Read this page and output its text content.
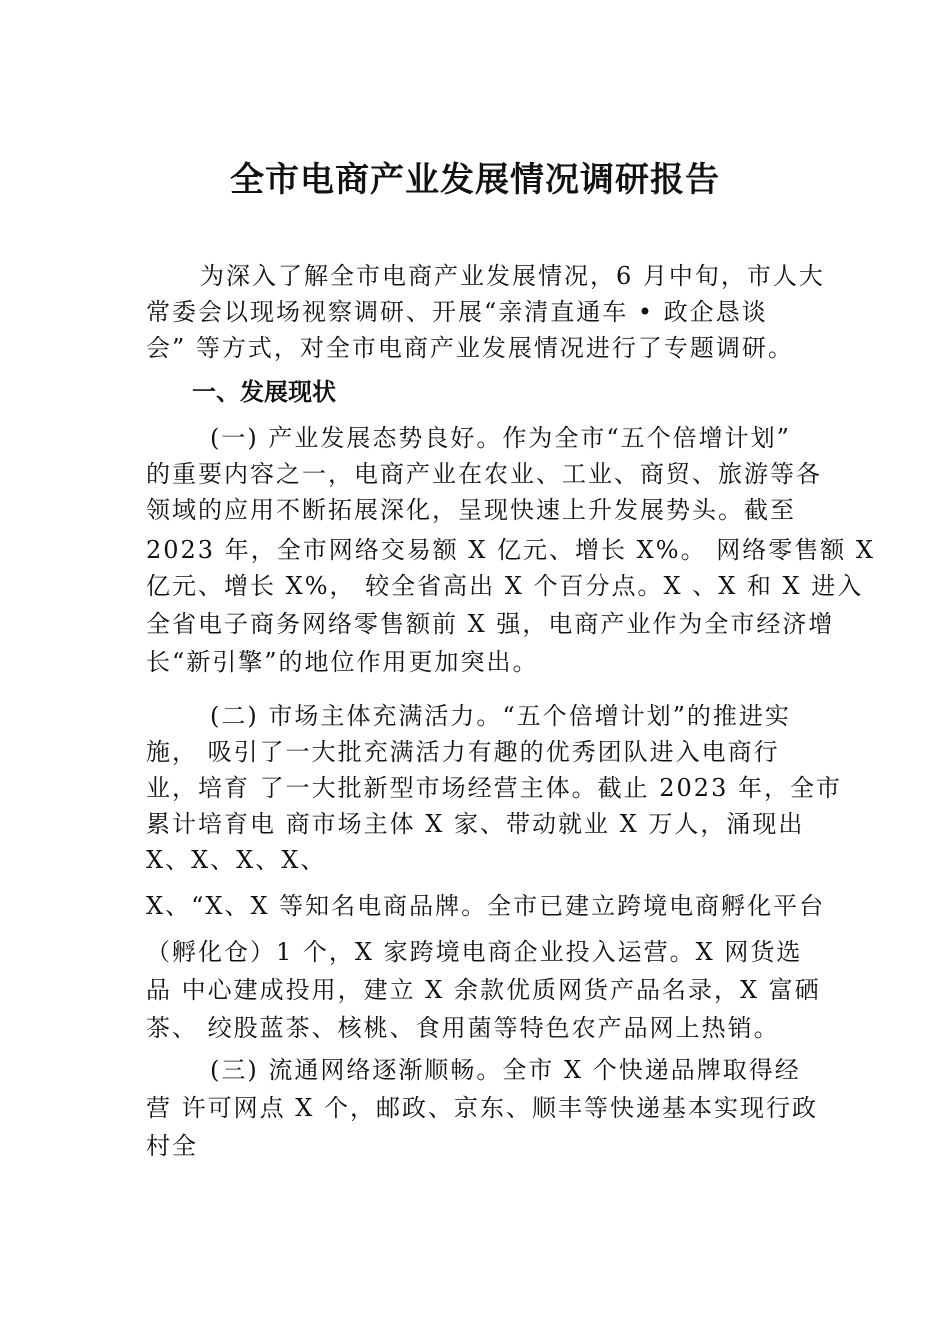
全市电商产业发展情况调研报告
为深入了解全市电商产业发展情况，6 月中旬，市人大
常委会以现场视察调研、开展“亲清直通车 • 政企恳谈
会” 等方式，对全市电商产业发展情况进行了专题调研。
一、发展现状
(一) 产业发展态势良好。作为全市“五个倍增计划”
的重要内容之一，电商产业在农业、工业、商贸、旅游等各
领域的应用不断拓展深化，呈现快速上升发展势头。截至
2023 年，全市网络交易额 X 亿元、增长 X%。 网络零售额 X
亿元、增长 X%， 较全省高出 X 个百分点。X 、X 和 X 进入
全省电子商务网络零售额前 X 强，电商产业作为全市经济增
长“新引擎”的地位作用更加突出。
(二) 市场主体充满活力。“五个倍增计划”的推进实
施， 吸引了一大批充满活力有趣的优秀团队进入电商行
业，培育 了一大批新型市场经营主体。截止 2023 年，全市
累计培育电 商市场主体 X 家、带动就业 X 万人，涌现出
X、X、X、X、
X、“X、X 等知名电商品牌。全市已建立跨境电商孵化平台
（孵化仓）1 个，X 家跨境电商企业投入运营。X 网货选
品 中心建成投用，建立 X 余款优质网货产品名录，X 富硒
茶、 绞股蓝茶、核桃、食用菌等特色农产品网上热销。
(三) 流通网络逐渐顺畅。全市 X 个快递品牌取得经
营 许可网点 X 个，邮政、京东、顺丰等快递基本实现行政
村全
